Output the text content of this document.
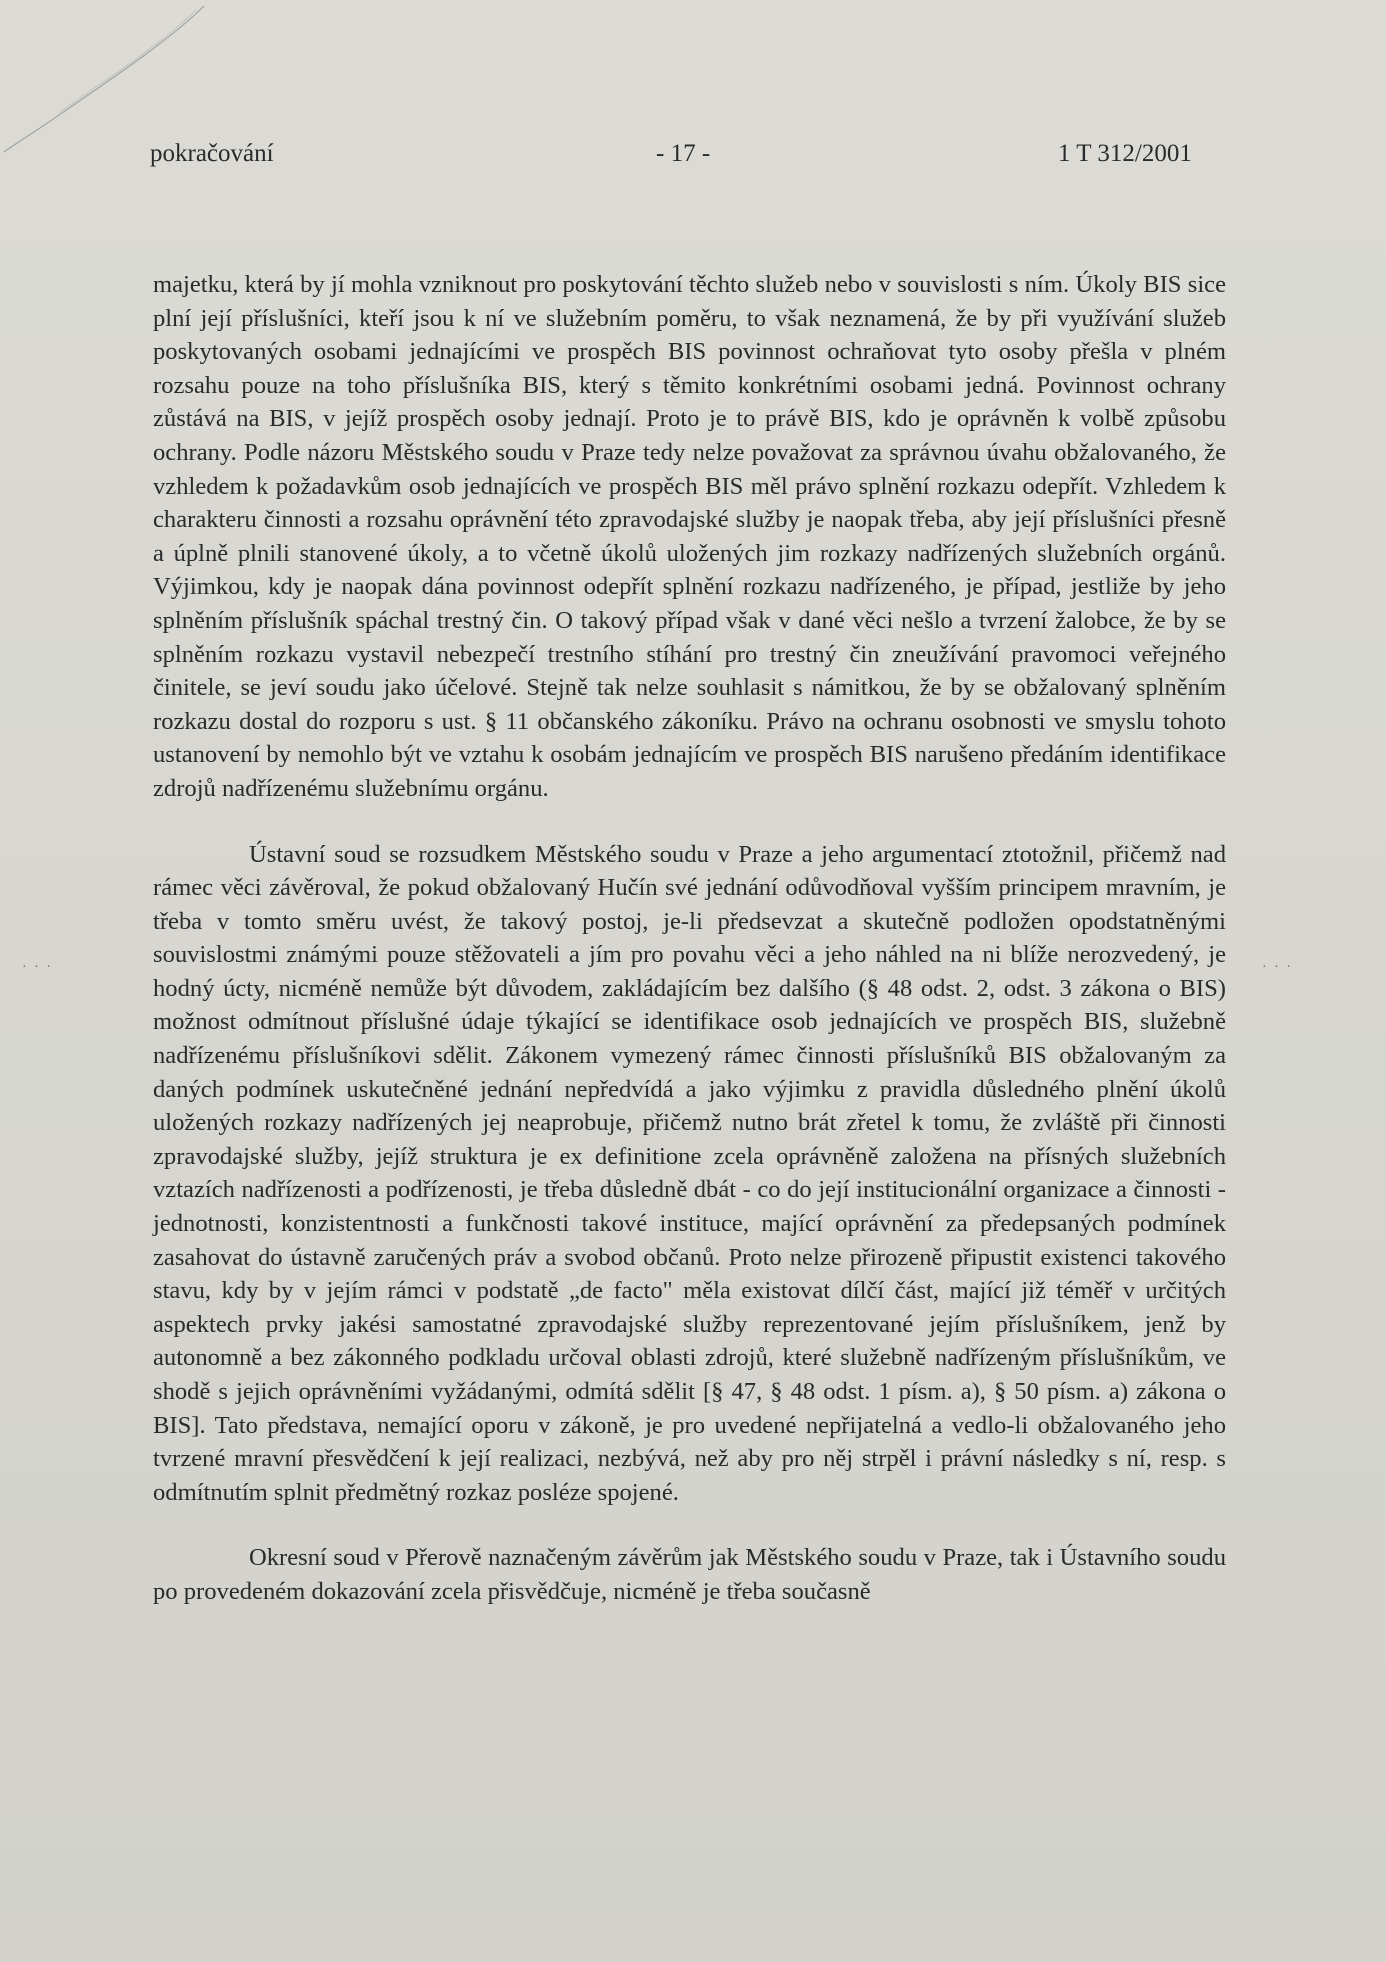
pokračování	- 17 -	1 T 312/2001
· · ·	· · ·

majetku, která by jí mohla vzniknout pro poskytování těchto služeb nebo v souvislosti s ním. Úkoly BIS sice plní její příslušníci, kteří jsou k ní ve služebním poměru, to však neznamená, že by při využívání služeb poskytovaných osobami jednajícími ve prospěch BIS povinnost ochraňovat tyto osoby přešla v plném rozsahu pouze na toho příslušníka BIS, který s těmito konkrétními osobami jedná. Povinnost ochrany zůstává na BIS, v jejíž prospěch osoby jednají. Proto je to právě BIS, kdo je oprávněn k volbě způsobu ochrany. Podle názoru Městského soudu v Praze tedy nelze považovat za správnou úvahu obžalovaného, že vzhledem k požadavkům osob jednajících ve prospěch BIS měl právo splnění rozkazu odepřít. Vzhledem k charakteru činnosti a rozsahu oprávnění této zpravodajské služby je naopak třeba, aby její příslušníci přesně a úplně plnili stanovené úkoly, a to včetně úkolů uložených jim rozkazy nadřízených služebních orgánů. Výjimkou, kdy je naopak dána povinnost odepřít splnění rozkazu nadřízeného, je případ, jestliže by jeho splněním příslušník spáchal trestný čin. O takový případ však v dané věci nešlo a tvrzení žalobce, že by se splněním rozkazu vystavil nebezpečí trestního stíhání pro trestný čin zneužívání pravomoci veřejného činitele, se jeví soudu jako účelové. Stejně tak nelze souhlasit s námitkou, že by se obžalovaný splněním rozkazu dostal do rozporu s ust. § 11 občanského zákoníku. Právo na ochranu osobnosti ve smyslu tohoto ustanovení by nemohlo být ve vztahu k osobám jednajícím ve prospěch BIS narušeno předáním identifikace zdrojů nadřízenému služebnímu orgánu.

Ústavní soud se rozsudkem Městského soudu v Praze a jeho argumentací ztotožnil, přičemž nad rámec věci závěroval, že pokud obžalovaný Hučín své jednání odůvodňoval vyšším principem mravním, je třeba v tomto směru uvést, že takový postoj, je-li předsevzat a skutečně podložen opodstatněnými souvislostmi známými pouze stěžovateli a jím pro povahu věci a jeho náhled na ni blíže nerozvedený, je hodný úcty, nicméně nemůže být důvodem, zakládajícím bez dalšího (§ 48 odst. 2, odst. 3 zákona o BIS) možnost odmítnout příslušné údaje týkající se identifikace osob jednajících ve prospěch BIS, služebně nadřízenému příslušníkovi sdělit. Zákonem vymezený rámec činnosti příslušníků BIS obžalovaným za daných podmínek uskutečněné jednání nepředvídá a jako výjimku z pravidla důsledného plnění úkolů uložených rozkazy nadřízených jej neaprobuje, přičemž nutno brát zřetel k tomu, že zvláště při činnosti zpravodajské služby, jejíž struktura je ex definitione zcela oprávněně založena na přísných služebních vztazích nadřízenosti a podřízenosti, je třeba důsledně dbát - co do její institucionální organizace a činnosti - jednotnosti, konzistentnosti a funkčnosti takové instituce, mající oprávnění za předepsaných podmínek zasahovat do ústavně zaručených práv a svobod občanů. Proto nelze přirozeně připustit existenci takového stavu, kdy by v jejím rámci v podstatě „de facto" měla existovat dílčí část, mající již téměř v určitých aspektech prvky jakési samostatné zpravodajské služby reprezentované jejím příslušníkem, jenž by autonomně a bez zákonného podkladu určoval oblasti zdrojů, které služebně nadřízeným příslušníkům, ve shodě s jejich oprávněními vyžádanými, odmítá sdělit [§ 47, § 48 odst. 1 písm. a), § 50 písm. a) zákona o BIS]. Tato představa, nemající oporu v zákoně, je pro uvedené nepřijatelná a vedlo-li obžalovaného jeho tvrzené mravní přesvědčení k její realizaci, nezbývá, než aby pro něj strpěl i právní následky s ní, resp. s odmítnutím splnit předmětný rozkaz posléze spojené.

Okresní soud v Přerově naznačeným závěrům jak Městského soudu v Praze, tak i Ústavního soudu po provedeném dokazování zcela přisvědčuje, nicméně je třeba současně
